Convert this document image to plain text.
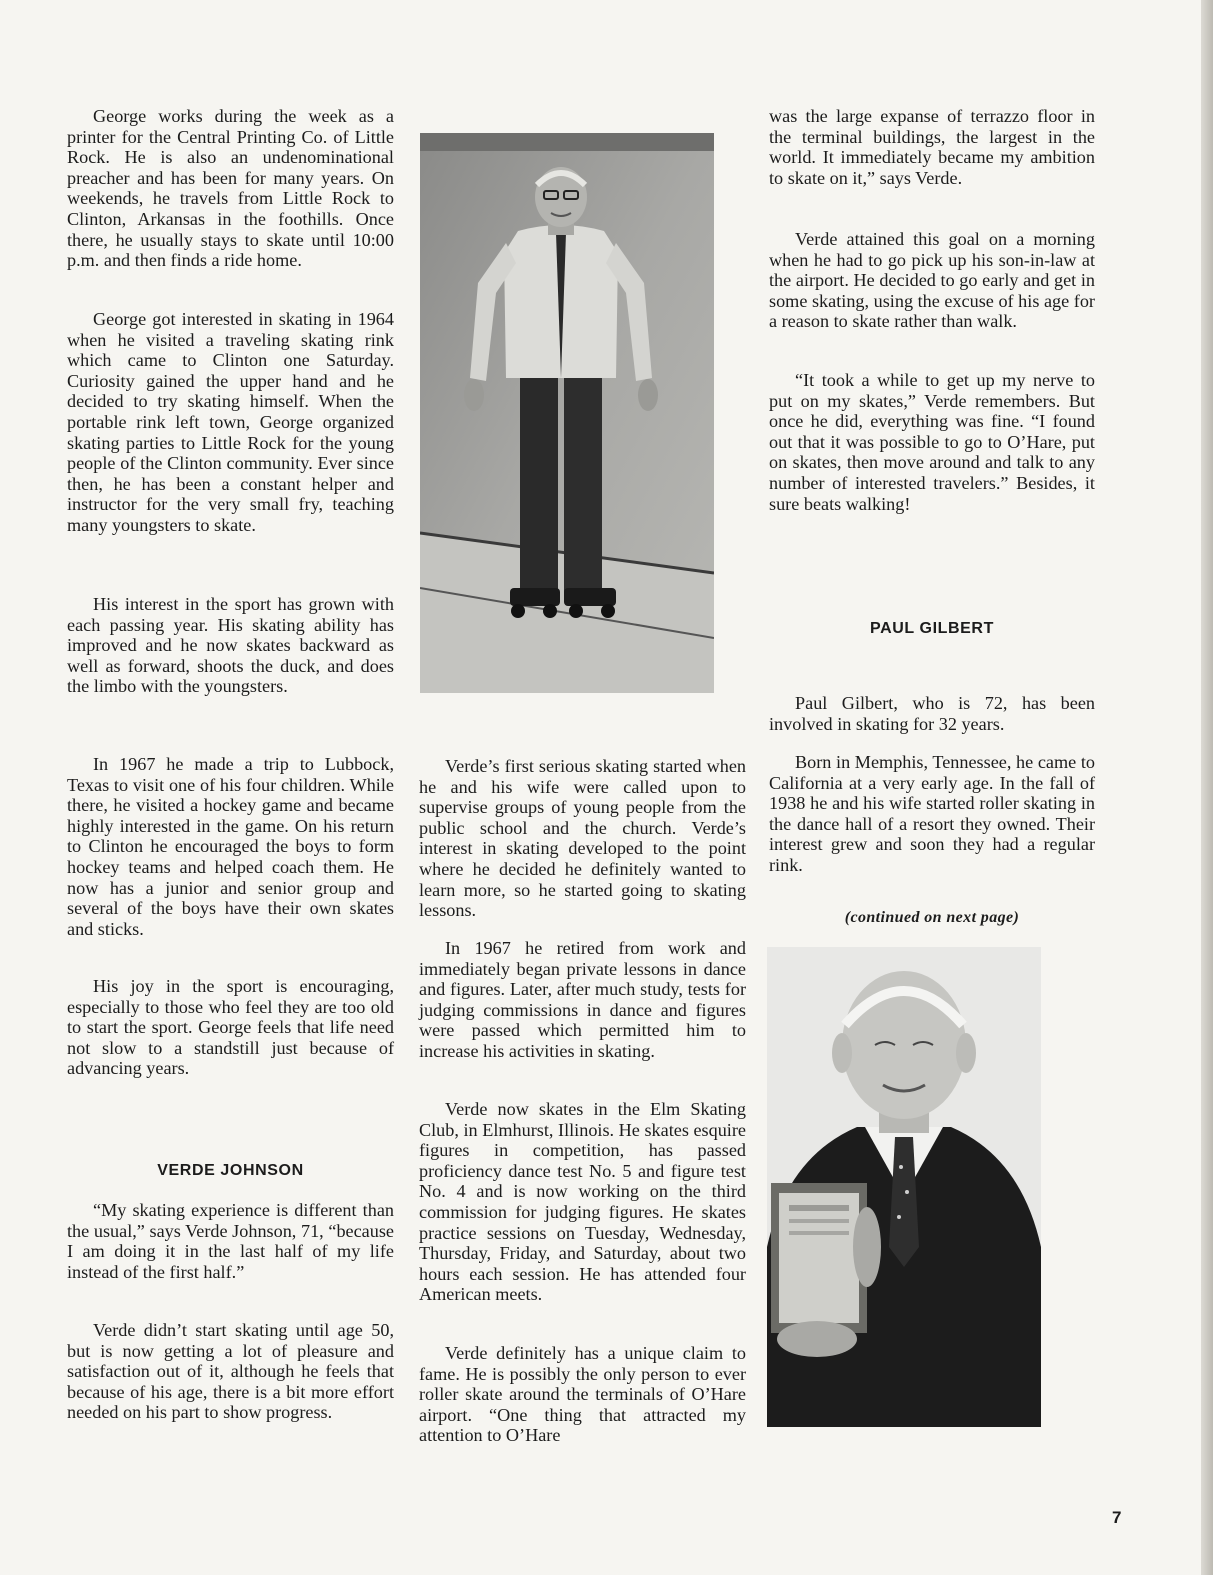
George works during the week as a printer for the Central Printing Co. of Little Rock. He is also an undenominational preacher and has been for many years. On weekends, he travels from Little Rock to Clinton, Arkansas in the foothills. Once there, he usually stays to skate until 10:00 p.m. and then finds a ride home.

George got interested in skating in 1964 when he visited a traveling skating rink which came to Clinton one Saturday. Curiosity gained the upper hand and he decided to try skating himself. When the portable rink left town, George organized skating parties to Little Rock for the young people of the Clinton community. Ever since then, he has been a constant helper and instructor for the very small fry, teaching many youngsters to skate.

His interest in the sport has grown with each passing year. His skating ability has improved and he now skates backward as well as forward, shoots the duck, and does the limbo with the youngsters.

In 1967 he made a trip to Lubbock, Texas to visit one of his four children. While there, he visited a hockey game and became highly interested in the game. On his return to Clinton he encouraged the boys to form hockey teams and helped coach them. He now has a junior and senior group and several of the boys have their own skates and sticks.

His joy in the sport is encouraging, especially to those who feel they are too old to start the sport. George feels that life need not slow to a standstill just because of advancing years.

VERDE JOHNSON

“My skating experience is different than the usual,” says Verde Johnson, 71, “because I am doing it in the last half of my life instead of the first half.”

Verde didn’t start skating until age 50, but is now getting a lot of pleasure and satisfaction out of it, although he feels that because of his age, there is a bit more effort needed on his part to show progress.

Verde’s first serious skating started when he and his wife were called upon to supervise groups of young people from the public school and the church. Verde’s interest in skating developed to the point where he decided he definitely wanted to learn more, so he started going to skating lessons.

In 1967 he retired from work and immediately began private lessons in dance and figures. Later, after much study, tests for judging commissions in dance and figures were passed which permitted him to increase his activities in skating.

Verde now skates in the Elm Skating Club, in Elmhurst, Illinois. He skates esquire figures in competition, has passed proficiency dance test No. 5 and figure test No. 4 and is now working on the third commission for judging figures. He skates practice sessions on Tuesday, Wednesday, Thursday, Friday, and Saturday, about two hours each session. He has attended four American meets.

Verde definitely has a unique claim to fame. He is possibly the only person to ever roller skate around the terminals of O’Hare airport. “One thing that attracted my attention to O’Hare

was the large expanse of terrazzo floor in the terminal buildings, the largest in the world. It immediately became my ambition to skate on it,” says Verde.

Verde attained this goal on a morning when he had to go pick up his son-in-law at the airport. He decided to go early and get in some skating, using the excuse of his age for a reason to skate rather than walk.

“It took a while to get up my nerve to put on my skates,” Verde remembers. But once he did, everything was fine. “I found out that it was possible to go to O’Hare, put on skates, then move around and talk to any number of interested travelers.” Besides, it sure beats walking!

PAUL GILBERT

Paul Gilbert, who is 72, has been involved in skating for 32 years.

Born in Memphis, Tennessee, he came to California at a very early age. In the fall of 1938 he and his wife started roller skating in the dance hall of a resort they owned. Their interest grew and soon they had a regular rink.

(continued on next page)
7
